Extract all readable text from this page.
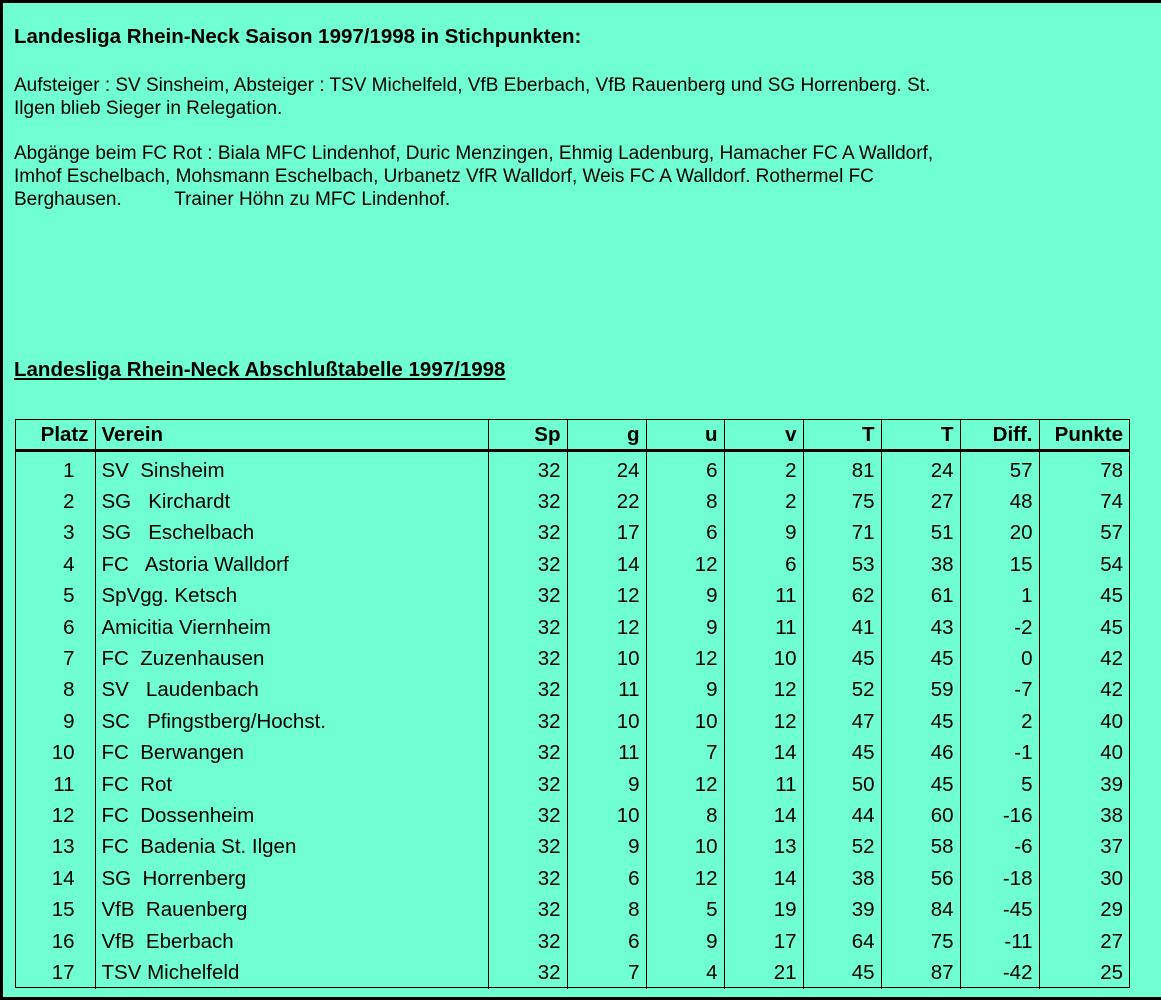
Landesliga Rhein-Neck Saison 1997/1998 in Stichpunkten:
Aufsteiger : SV Sinsheim, Absteiger : TSV Michelfeld, VfB Eberbach, VfB Rauenberg und SG Horrenberg. St.
Ilgen blieb Sieger in Relegation.
Abgänge beim FC Rot : Biala MFC Lindenhof, Duric Menzingen, Ehmig Ladenburg, Hamacher FC A Walldorf,
Imhof Eschelbach, Mohsmann Eschelbach, Urbanetz VfR Walldorf, Weis FC A Walldorf. Rothermel FC
Berghausen.          Trainer Höhn zu MFC Lindenhof.
Landesliga Rhein-Neck Abschlußtabelle 1997/1998
Platz	Verein	Sp	g	u	v	T	T	Diff.	Punkte
1	SV  Sinsheim	32	24	6	2	81	24	57	78
2	SG   Kirchardt	32	22	8	2	75	27	48	74
3	SG   Eschelbach	32	17	6	9	71	51	20	57
4	FC   Astoria Walldorf	32	14	12	6	53	38	15	54
5	SpVgg. Ketsch	32	12	9	11	62	61	1	45
6	Amicitia Viernheim	32	12	9	11	41	43	-2	45
7	FC  Zuzenhausen	32	10	12	10	45	45	0	42
8	SV   Laudenbach	32	11	9	12	52	59	-7	42
9	SC   Pfingstberg/Hochst.	32	10	10	12	47	45	2	40
10	FC  Berwangen	32	11	7	14	45	46	-1	40
11	FC  Rot	32	9	12	11	50	45	5	39
12	FC  Dossenheim	32	10	8	14	44	60	-16	38
13	FC  Badenia St. Ilgen	32	9	10	13	52	58	-6	37
14	SG  Horrenberg	32	6	12	14	38	56	-18	30
15	VfB  Rauenberg	32	8	5	19	39	84	-45	29
16	VfB  Eberbach	32	6	9	17	64	75	-11	27
17	TSV Michelfeld	32	7	4	21	45	87	-42	25
